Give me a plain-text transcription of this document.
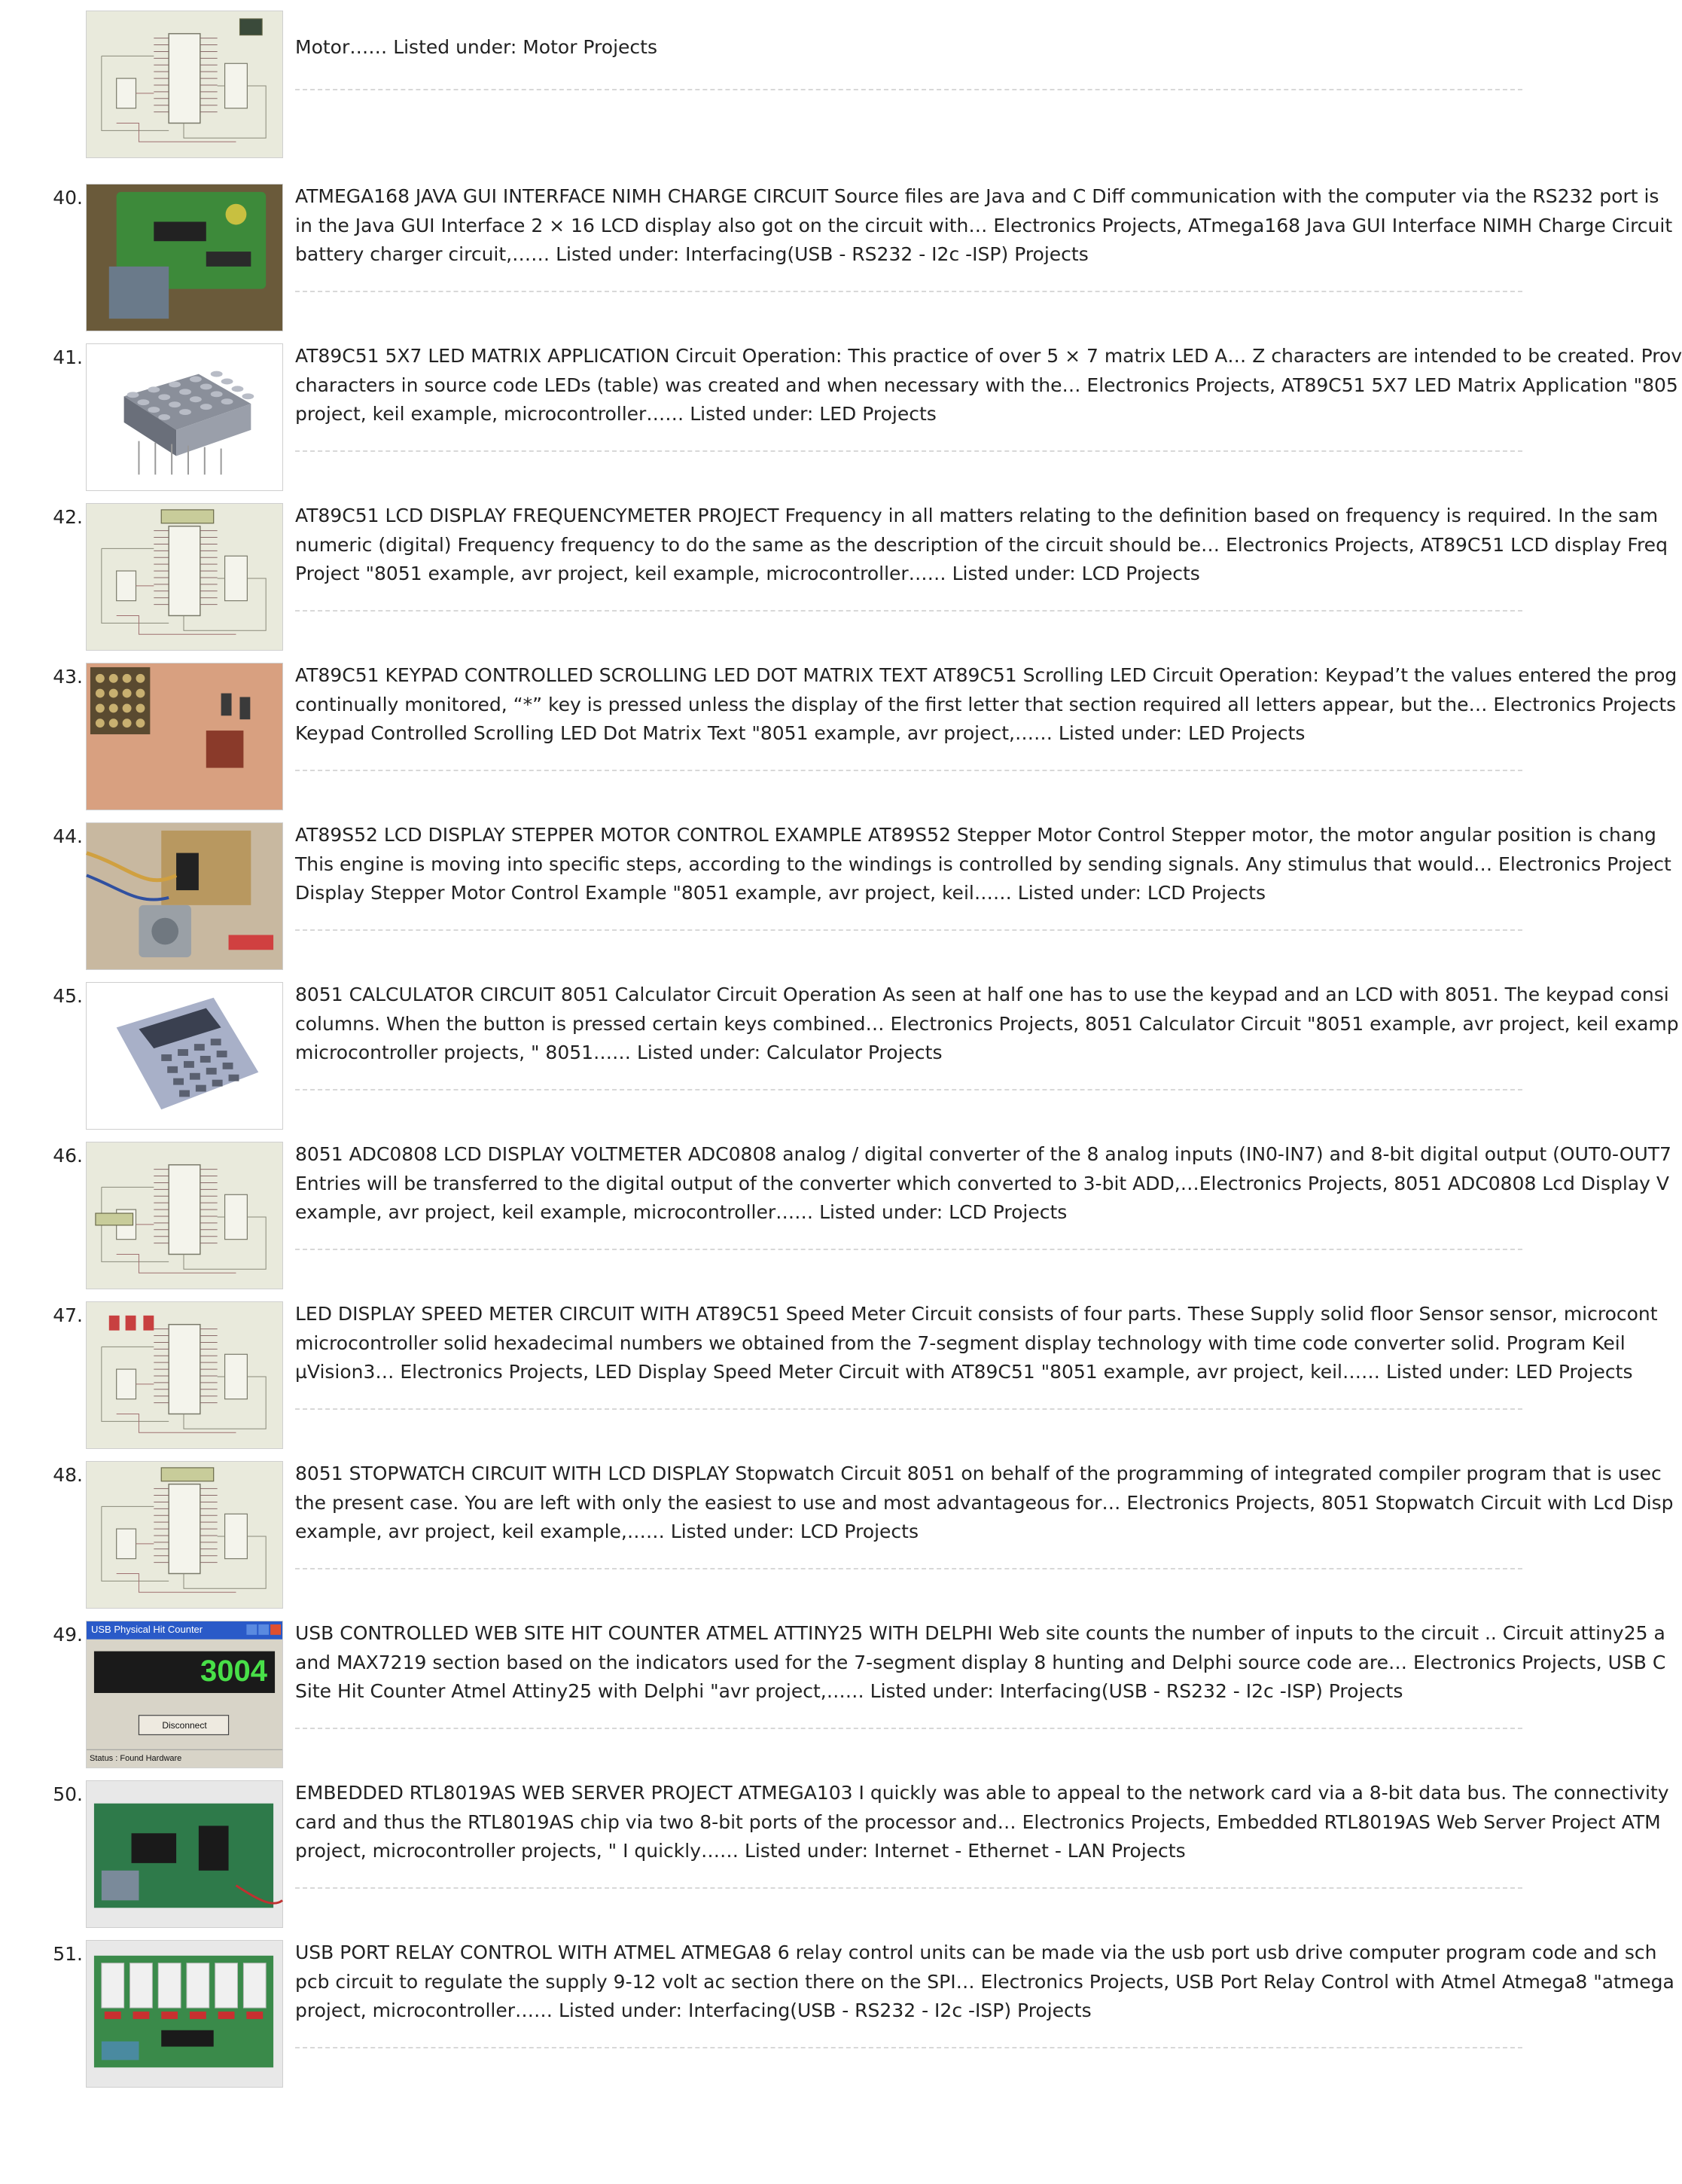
Motor…… Listed under: Motor Projects
40.	ATMEGA168 JAVA GUI INTERFACE NIMH CHARGE CIRCUIT Source files are Java and C Diff communication with the computer via the RS232 port is
in the Java GUI Interface 2 × 16 LCD display also got on the circuit with… Electronics Projects, ATmega168 Java GUI Interface NIMH Charge Circuit
battery charger circuit,…… Listed under: Interfacing(USB - RS232 - I2c -ISP) Projects
41.	AT89C51 5X7 LED MATRIX APPLICATION Circuit Operation: This practice of over 5 × 7 matrix LED A… Z characters are intended to be created. Prov
characters in source code LEDs (table) was created and when necessary with the… Electronics Projects, AT89C51 5X7 LED Matrix Application "805
project, keil example, microcontroller…… Listed under: LED Projects
42.	AT89C51 LCD DISPLAY FREQUENCYMETER PROJECT Frequency in all matters relating to the definition based on frequency is required. In the sam
numeric (digital) Frequency frequency to do the same as the description of the circuit should be… Electronics Projects, AT89C51 LCD display Freq
Project "8051 example, avr project, keil example, microcontroller…… Listed under: LCD Projects
43.	AT89C51 KEYPAD CONTROLLED SCROLLING LED DOT MATRIX TEXT AT89C51 Scrolling LED Circuit Operation: Keypad’t the values entered the prog
continually monitored, “*” key is pressed unless the display of the first letter that section required all letters appear, but the… Electronics Projects
Keypad Controlled Scrolling LED Dot Matrix Text "8051 example, avr project,…… Listed under: LED Projects
44.	AT89S52 LCD DISPLAY STEPPER MOTOR CONTROL EXAMPLE AT89S52 Stepper Motor Control Stepper motor, the motor angular position is chang
This engine is moving into specific steps, according to the windings is controlled by sending signals. Any stimulus that would… Electronics Project
Display Stepper Motor Control Example "8051 example, avr project, keil…… Listed under: LCD Projects
45.	8051 CALCULATOR CIRCUIT 8051 Calculator Circuit Operation As seen at half one has to use the keypad and an LCD with 8051. The keypad consi
columns. When the button is pressed certain keys combined… Electronics Projects, 8051 Calculator Circuit "8051 example, avr project, keil examp
microcontroller projects, " 8051…… Listed under: Calculator Projects
46.	8051 ADC0808 LCD DISPLAY VOLTMETER ADC0808 analog / digital converter of the 8 analog inputs (IN0-IN7) and 8-bit digital output (OUT0-OUT7
Entries will be transferred to the digital output of the converter which converted to 3-bit ADD,…Electronics Projects, 8051 ADC0808 Lcd Display V
example, avr project, keil example, microcontroller…… Listed under: LCD Projects
47.	LED DISPLAY SPEED METER CIRCUIT WITH AT89C51 Speed Meter Circuit consists of four parts. These Supply solid floor Sensor sensor, microcont
microcontroller solid hexadecimal numbers we obtained from the 7-segment display technology with time code converter solid. Program Keil
µVision3… Electronics Projects, LED Display Speed Meter Circuit with AT89C51 "8051 example, avr project, keil…… Listed under: LED Projects
48.	8051 STOPWATCH CIRCUIT WITH LCD DISPLAY Stopwatch Circuit 8051 on behalf of the programming of integrated compiler program that is usec
the present case. You are left with only the easiest to use and most advantageous for… Electronics Projects, 8051 Stopwatch Circuit with Lcd Disp
example, avr project, keil example,…… Listed under: LCD Projects
49. USB Physical Hit Counter
3004
Disconnect
Status : Found Hardware
USB CONTROLLED WEB SITE HIT COUNTER ATMEL ATTINY25 WITH DELPHI Web site counts the number of inputs to the circuit .. Circuit attiny25 a
and MAX7219 section based on the indicators used for the 7-segment display 8 hunting and Delphi source code are… Electronics Projects, USB C
Site Hit Counter Atmel Attiny25 with Delphi "avr project,…… Listed under: Interfacing(USB - RS232 - I2c -ISP) Projects
50.	EMBEDDED RTL8019AS WEB SERVER PROJECT ATMEGA103 I quickly was able to appeal to the network card via a 8-bit data bus. The connectivity
card and thus the RTL8019AS chip via two 8-bit ports of the processor and… Electronics Projects, Embedded RTL8019AS Web Server Project ATM
project, microcontroller projects, " I quickly…… Listed under: Internet - Ethernet - LAN Projects
51.	USB PORT RELAY CONTROL WITH ATMEL ATMEGA8 6 relay control units can be made via the usb port usb drive computer program code and sch
pcb circuit to regulate the supply 9-12 volt ac section there on the SPI… Electronics Projects, USB Port Relay Control with Atmel Atmega8 "atmega
project, microcontroller…… Listed under: Interfacing(USB - RS232 - I2c -ISP) Projects
